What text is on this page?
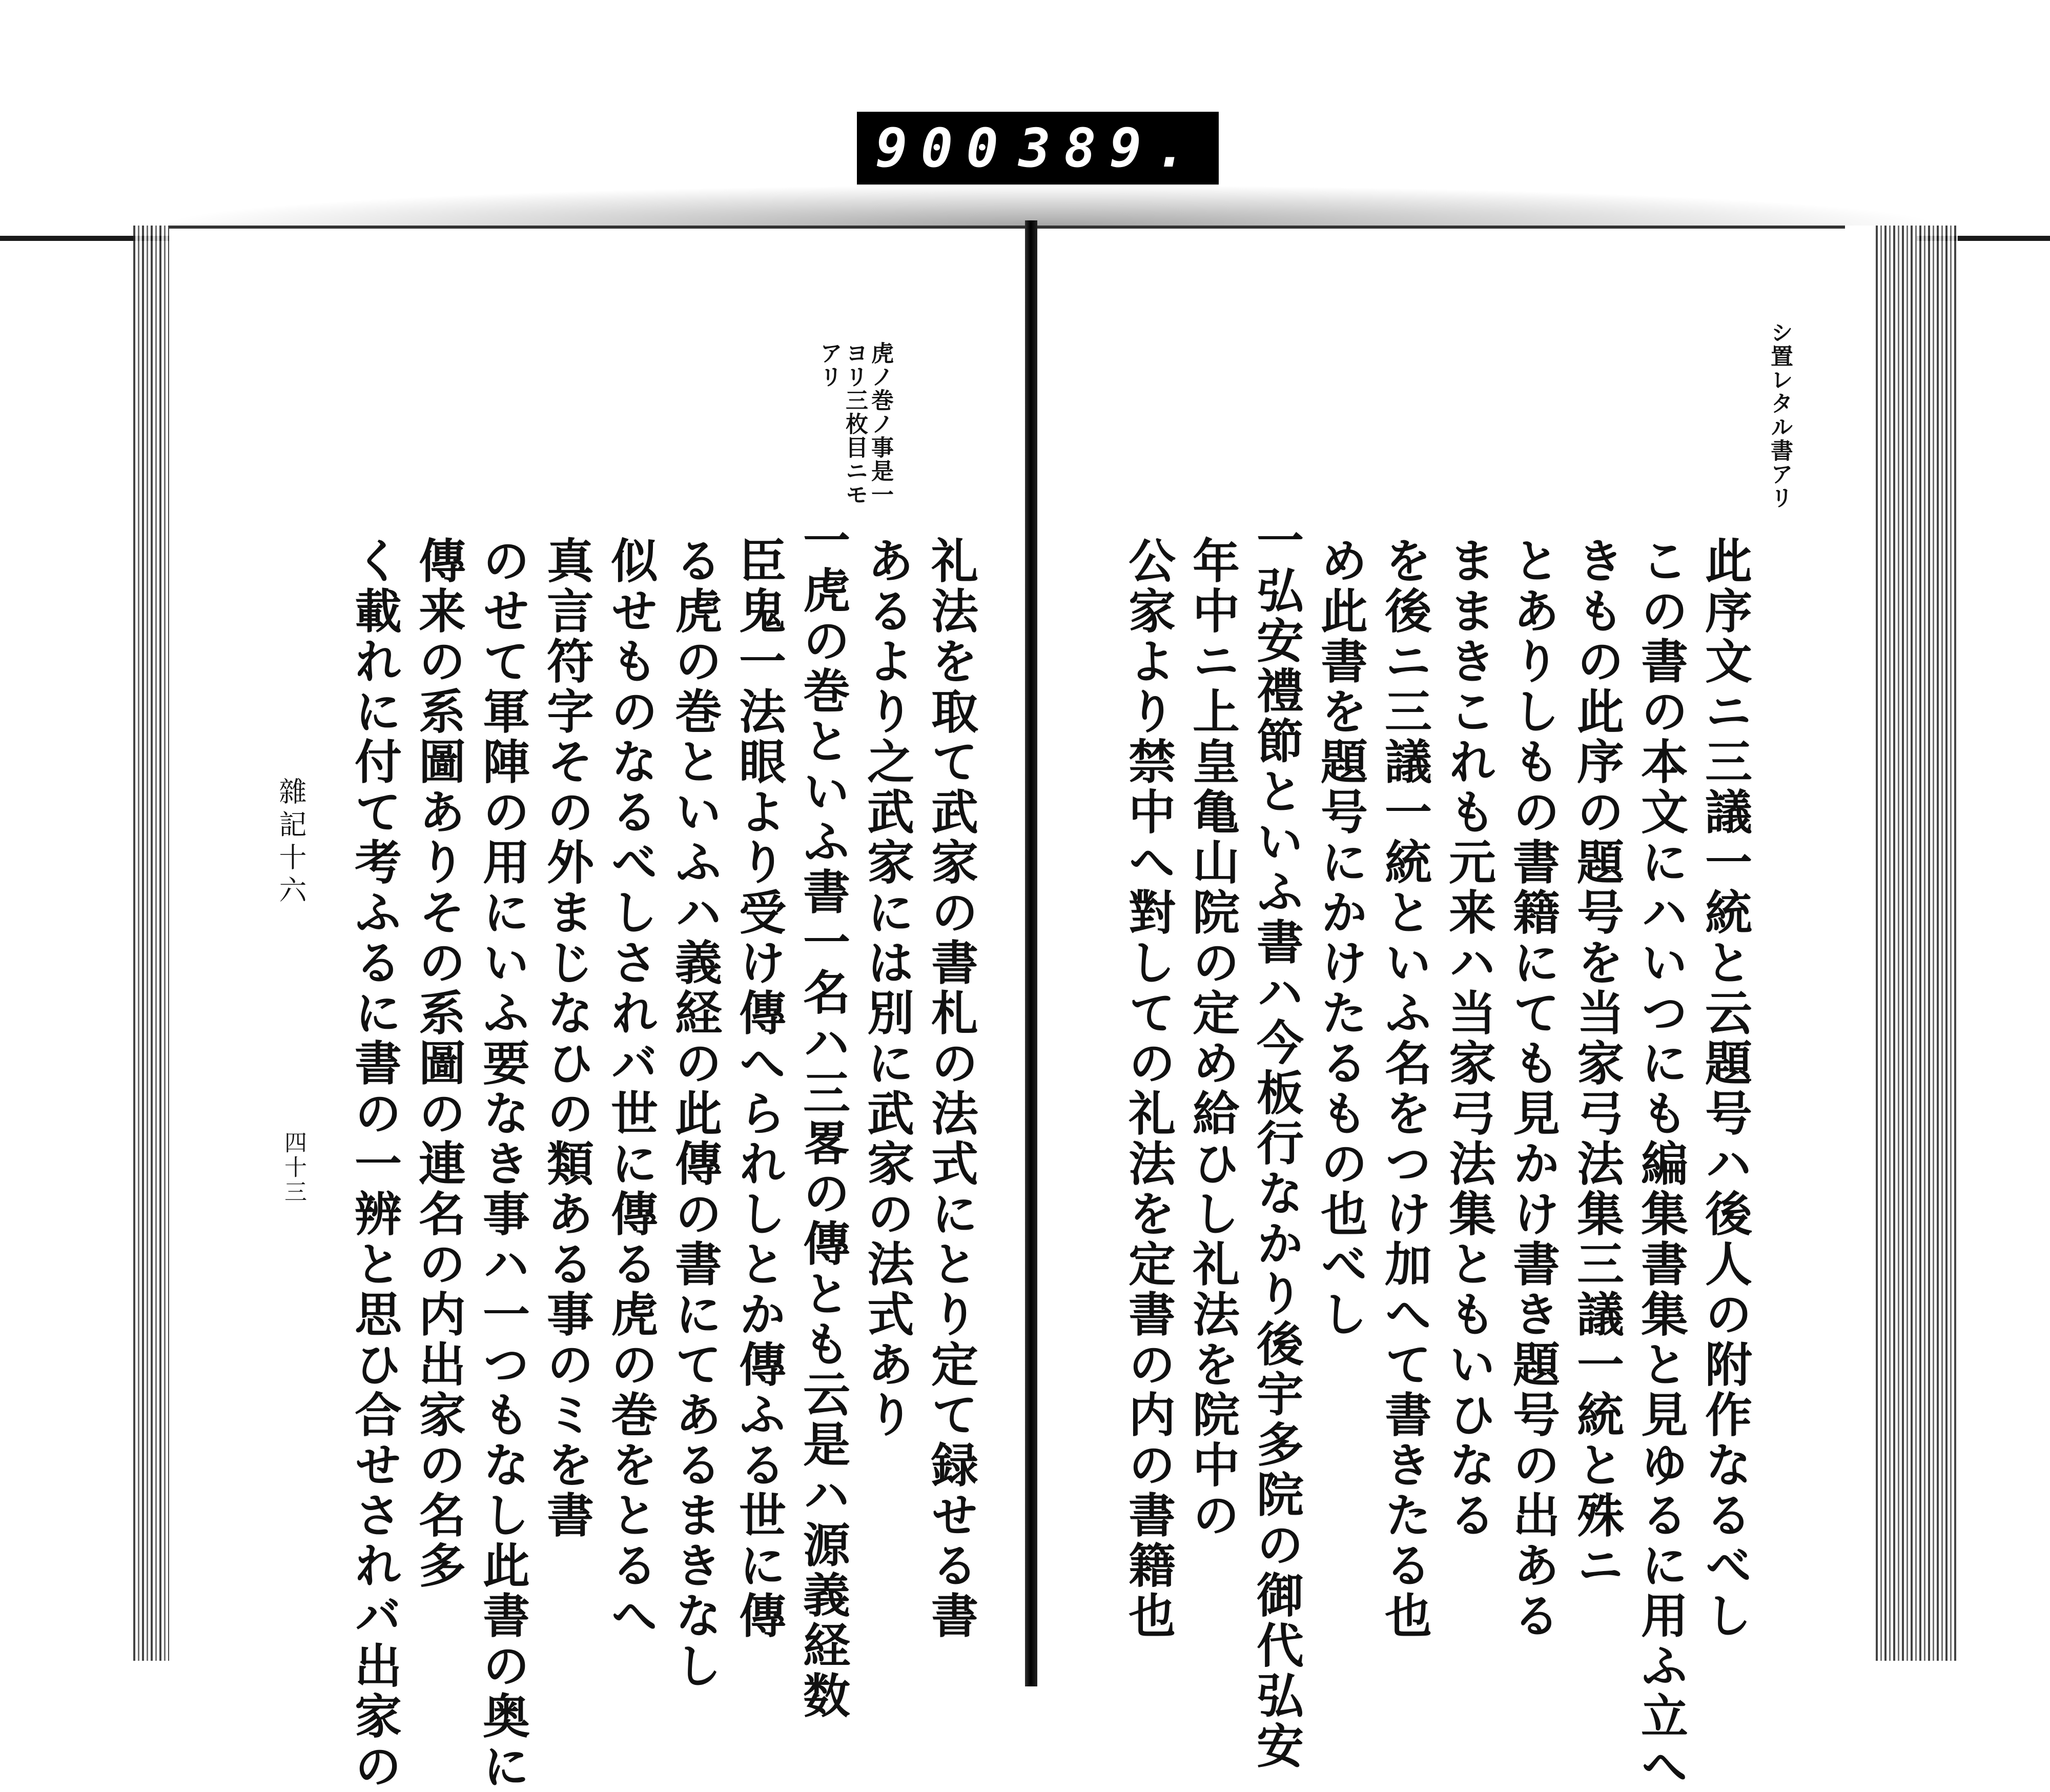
900 389.
虎ノ巻ノ事是一
ヨリ三枚目ニモ
アリ
礼法を取て武家の書札の法式にとり定て録せる書
あるより之武家には別に武家の法式あり
一虎の巻といふ書一名ハ三畧の傳とも云是ハ源義経数
臣鬼一法眼より受け傳へられしとか傳ふる世に傳
る虎の巻といふハ義経の此傳の書にてあるまきなし
似せものなるべしされバ世に傳る虎の巻をとるへ
真言符字その外まじなひの類ある事のミを書
のせて軍陣の用にいふ要なき事ハ一つもなし此書の奥に
傳来の系圖ありその系圖の連名の内出家の名多
く載れに付て考ふるに書の一辨と思ひ合せされバ出家の
雜記十六
四十三
シ置レタル書アリ
此序文ニ三議一統と云題号ハ後人の附作なるべし
この書の本文にハいつにも編集書集と見ゆるに用ふ立へ
きもの此序の題号を当家弓法集三議一統と殊ニ
とありしもの書籍にても見かけ書き題号の出ある
ままきこれも元来ハ当家弓法集ともいひなる
を後ニ三議一統といふ名をつけ加へて書きたる也
め此書を題号にかけたるもの也べし
一弘安禮節といふ書ハ今板行なかり後宇多院の御代弘安
年中ニ上皇亀山院の定め給ひし礼法を院中の
公家より禁中へ對しての礼法を定書の内の書籍也
